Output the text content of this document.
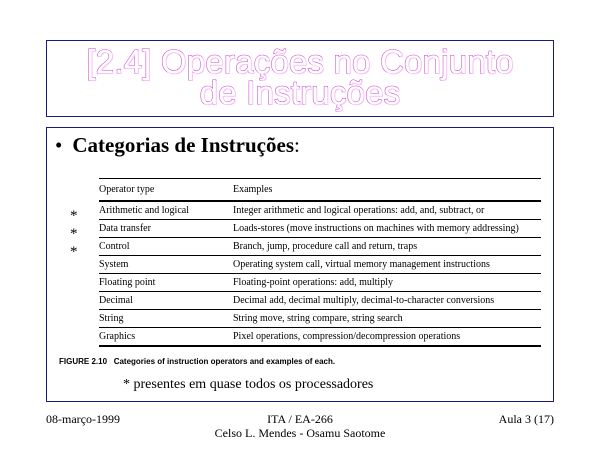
[2.4] Operações no Conjunto
de Instruções
• Categorias de Instruções:
Operator type	Examples
Arithmetic and logical	Integer arithmetic and logical operations: add, and, subtract, or
Data transfer	Loads-stores (move instructions on machines with memory addressing)
Control	Branch, jump, procedure call and return, traps
System	Operating system call, virtual memory management instructions
Floating point	Floating-point operations: add, multiply
Decimal	Decimal add, decimal multiply, decimal-to-character conversions
String	String move, string compare, string search
Graphics	Pixel operations, compression/decompression operations
*
*
*
FIGURE 2.10 Categories of instruction operators and examples of each.
* presentes em quase todos os processadores
08-março-1999	ITA / EA-266
Celso L. Mendes - Osamu Saotome
Aula 3 (17)
